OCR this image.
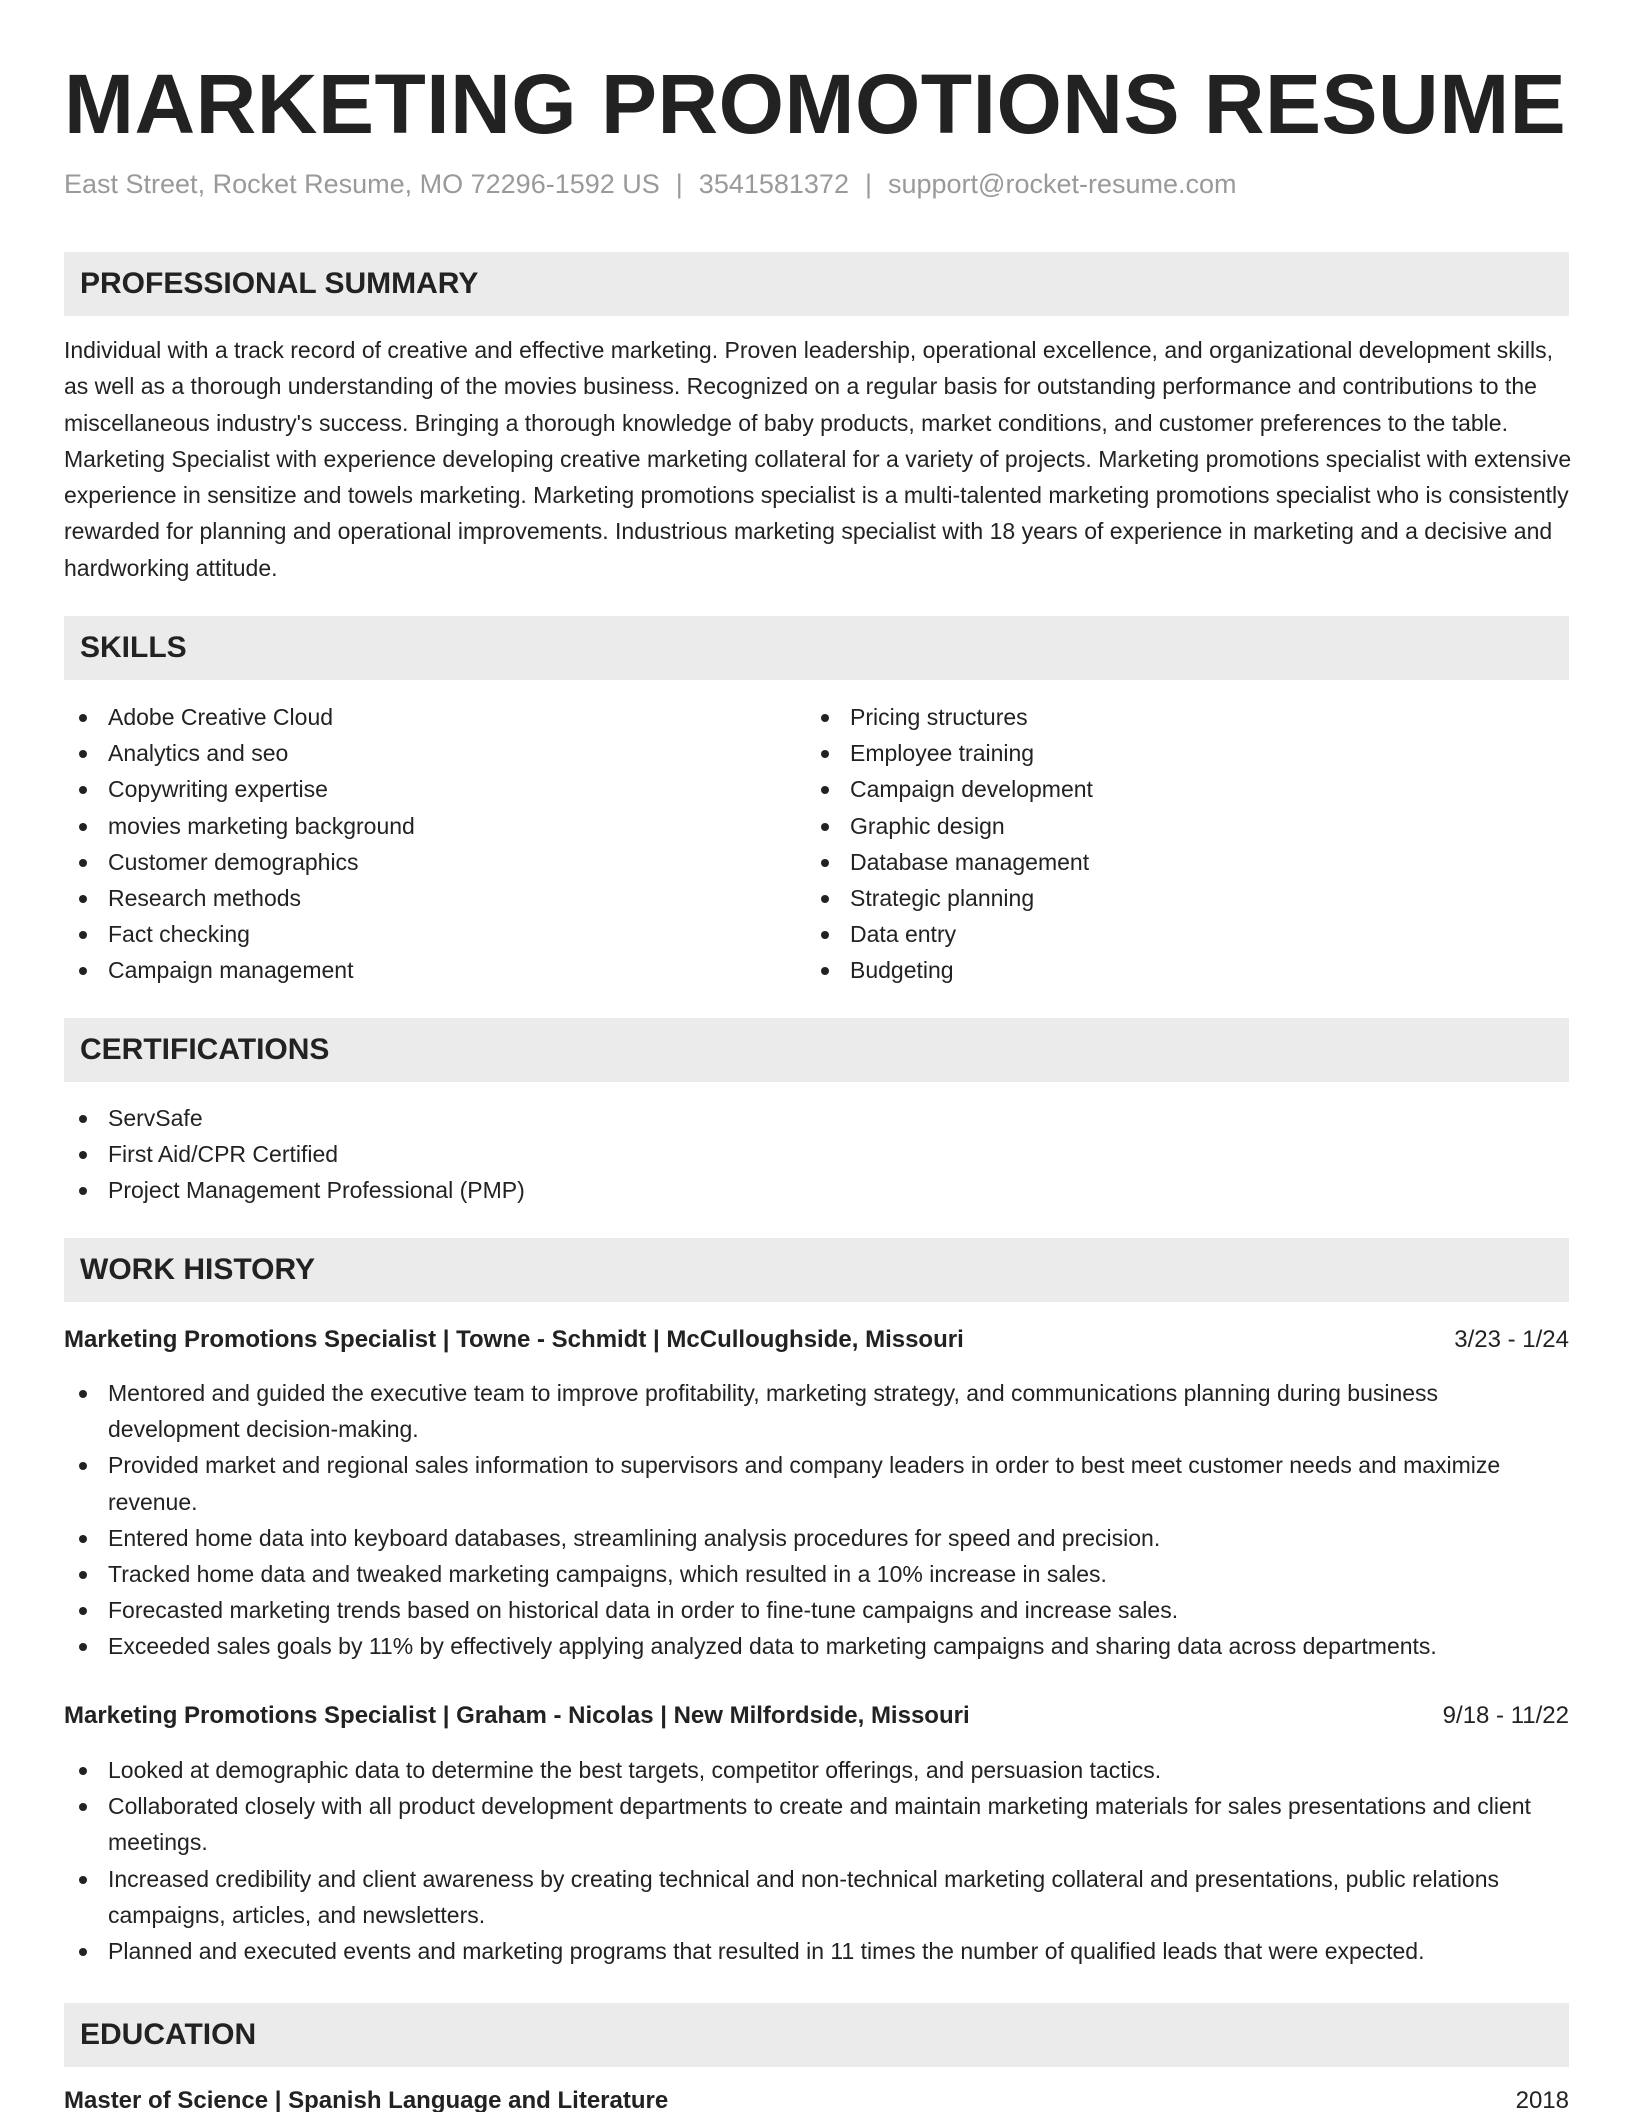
MARKETING PROMOTIONS RESUME
East Street, Rocket Resume, MO 72296-1592 US | 3541581372 | support@rocket-resume.com
PROFESSIONAL SUMMARY

Individual with a track record of creative and effective marketing. Proven leadership, operational excellence, and organizational development skills, as well as a thorough understanding of the movies business. Recognized on a regular basis for outstanding performance and contributions to the miscellaneous industry's success. Bringing a thorough knowledge of baby products, market conditions, and customer preferences to the table. Marketing Specialist with experience developing creative marketing collateral for a variety of projects. Marketing promotions specialist with extensive experience in sensitize and towels marketing. Marketing promotions specialist is a multi-talented marketing promotions specialist who is consistently rewarded for planning and operational improvements. Industrious marketing specialist with 18 years of experience in marketing and a decisive and hardworking attitude.

SKILLS
Adobe Creative Cloud
Analytics and seo
Copywriting expertise
movies marketing background
Customer demographics
Research methods
Fact checking
Campaign management
Pricing structures
Employee training
Campaign development
Graphic design
Database management
Strategic planning
Data entry
Budgeting
CERTIFICATIONS
ServSafe
First Aid/CPR Certified
Project Management Professional (PMP)
WORK HISTORY
Marketing Promotions Specialist | Towne - Schmidt | McCulloughside, Missouri	3/23 - 1/24
Mentored and guided the executive team to improve profitability, marketing strategy, and communications planning during business development decision-making.
Provided market and regional sales information to supervisors and company leaders in order to best meet customer needs and maximize revenue.
Entered home data into keyboard databases, streamlining analysis procedures for speed and precision.
Tracked home data and tweaked marketing campaigns, which resulted in a 10% increase in sales.
Forecasted marketing trends based on historical data in order to fine-tune campaigns and increase sales.
Exceeded sales goals by 11% by effectively applying analyzed data to marketing campaigns and sharing data across departments.
Marketing Promotions Specialist | Graham - Nicolas | New Milfordside, Missouri	9/18 - 11/22
Looked at demographic data to determine the best targets, competitor offerings, and persuasion tactics.
Collaborated closely with all product development departments to create and maintain marketing materials for sales presentations and client meetings.
Increased credibility and client awareness by creating technical and non-technical marketing collateral and presentations, public relations campaigns, articles, and newsletters.
Planned and executed events and marketing programs that resulted in 11 times the number of qualified leads that were expected.
EDUCATION
Master of Science | Spanish Language and Literature	2018
